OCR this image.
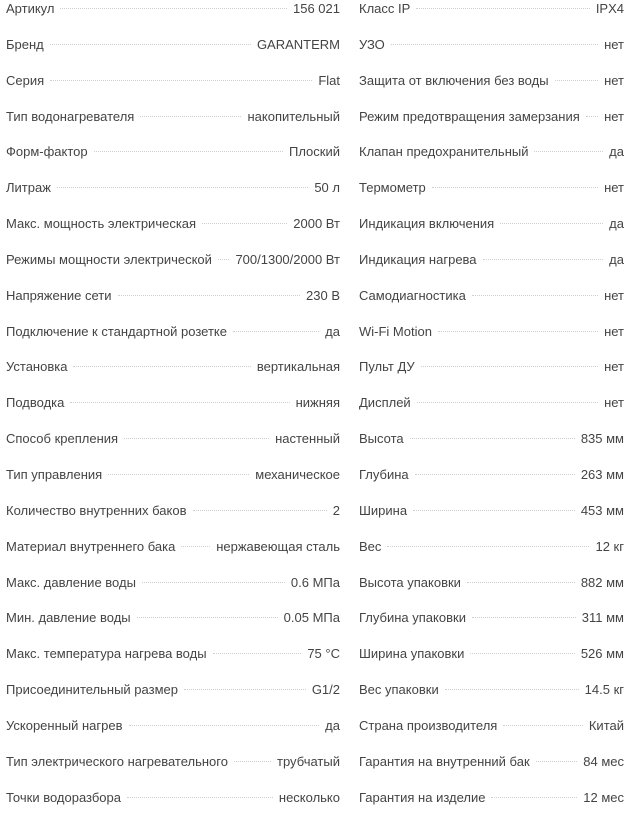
Артикул	156 021
Бренд	GARANTERM
Серия	Flat
Тип водонагревателя	накопительный
Форм-фактор	Плоский
Литраж	50 л
Макс. мощность электрическая	2000 Вт
Режимы мощности электрической 700/1300/2000 Вт
Напряжение сети	230 В
Подключение к стандартной розетке	да
Установка	вертикальная
Подводка	нижняя
Способ крепления	настенный
Тип управления	механическое
Количество внутренних баков	2
Материал внутреннего бака	нержавеющая сталь
Макс. давление воды	0.6 МПа
Мин. давление воды	0.05 МПа
Макс. температура нагрева воды	75 °С
Присоединительный размер	G1/2
Ускоренный нагрев	да
Тип электрического нагревательного	трубчатый
Точки водоразбора	несколько
Класс IP	IPX4
УЗО	нет
Защита от включения без воды	нет
Режим предотвращения замерзания нет
Клапан предохранительный	да
Термометр	нет
Индикация включения	да
Индикация нагрева	да
Самодиагностика	нет
Wi-Fi Motion	нет
Пульт ДУ	нет
Дисплей	нет
Высота	835 мм
Глубина	263 мм
Ширина	453 мм
Вес	12 кг
Высота упаковки	882 мм
Глубина упаковки	311 мм
Ширина упаковки	526 мм
Вес упаковки	14.5 кг
Страна производителя	Китай
Гарантия на внутренний бак	84 мес
Гарантия на изделие	12 мес
